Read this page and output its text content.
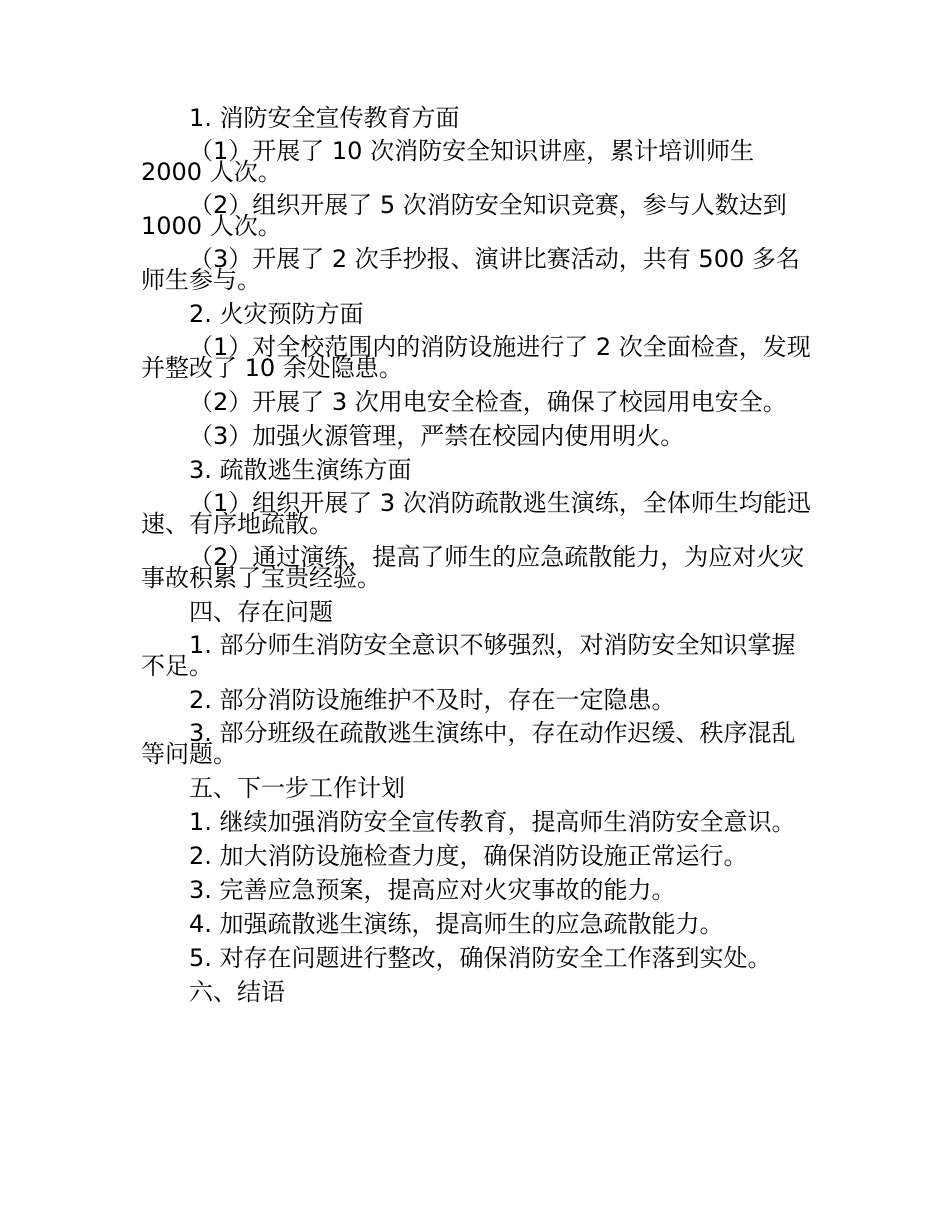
1. 消防安全宣传教育方面

（1）开展了 10 次消防安全知识讲座，累计培训师生 2000 人次。

（2）组织开展了 5 次消防安全知识竞赛，参与人数达到 1000 人次。

（3）开展了 2 次手抄报、演讲比赛活动，共有 500 多名师生参与。

2. 火灾预防方面

（1）对全校范围内的消防设施进行了 2 次全面检查，发现并整改了 10 余处隐患。

（2）开展了 3 次用电安全检查，确保了校园用电安全。

（3）加强火源管理，严禁在校园内使用明火。

3. 疏散逃生演练方面

（1）组织开展了 3 次消防疏散逃生演练，全体师生均能迅速、有序地疏散。

（2）通过演练，提高了师生的应急疏散能力，为应对火灾事故积累了宝贵经验。

四、存在问题

1. 部分师生消防安全意识不够强烈，对消防安全知识掌握不足。

2. 部分消防设施维护不及时，存在一定隐患。

3. 部分班级在疏散逃生演练中，存在动作迟缓、秩序混乱等问题。

五、下一步工作计划

1. 继续加强消防安全宣传教育，提高师生消防安全意识。

2. 加大消防设施检查力度，确保消防设施正常运行。

3. 完善应急预案，提高应对火灾事故的能力。

4. 加强疏散逃生演练，提高师生的应急疏散能力。

5. 对存在问题进行整改，确保消防安全工作落到实处。

六、结语
